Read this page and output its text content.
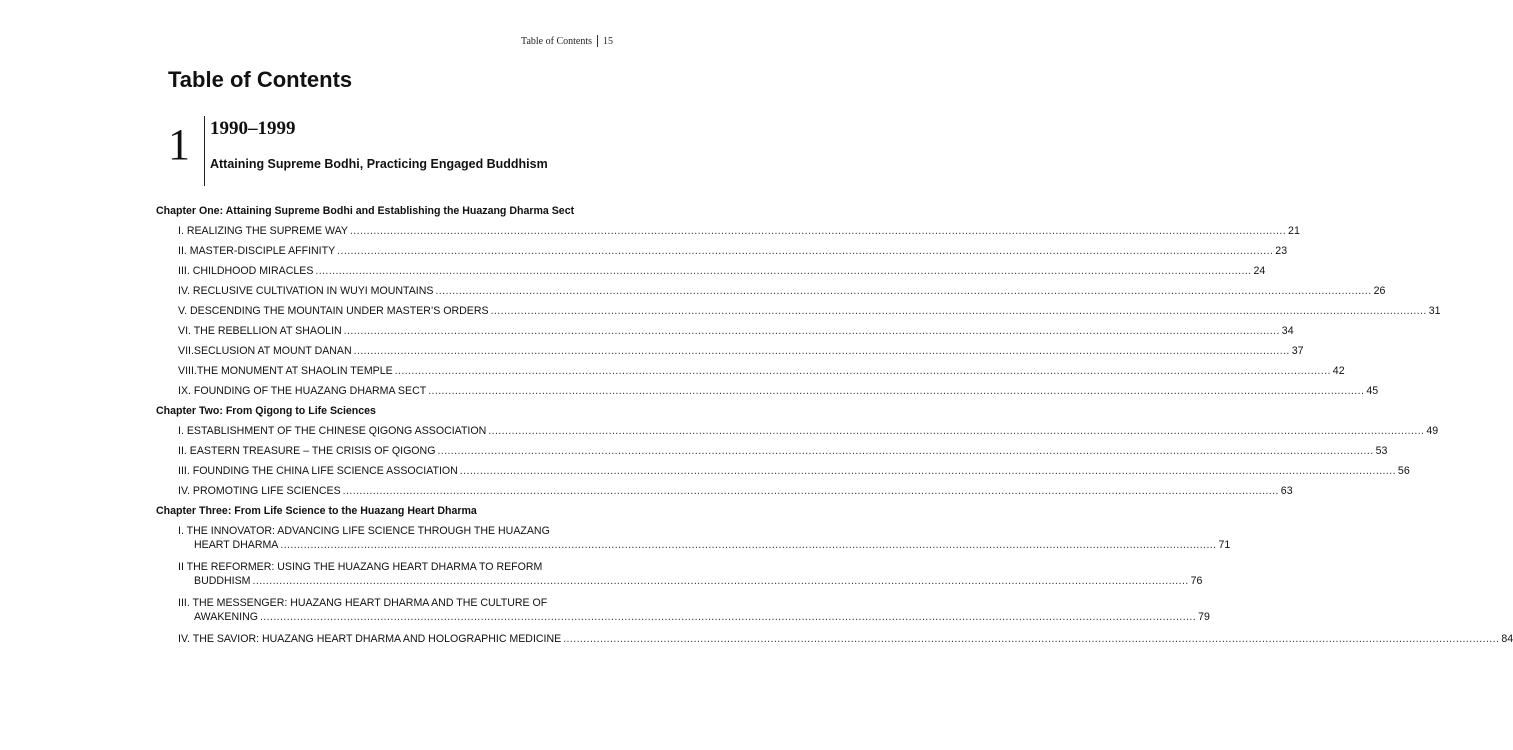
Table of Contents 15
Table of Contents
1 1990–1999
Attaining Supreme Bodhi, Practicing Engaged Buddhism
Chapter One: Attaining Supreme Bodhi and Establishing the Huazang Dharma Sect
I. REALIZING THE SUPREME WAY ........................................................................................................................................................................................................................................................................................ 21
II. MASTER-DISCIPLE AFFINITY ........................................................................................................................................................................................................................................................................................ 23
III. CHILDHOOD MIRACLES ........................................................................................................................................................................................................................................................................................ 24
IV. RECLUSIVE CULTIVATION IN WUYI MOUNTAINS ........................................................................................................................................................................................................................................................................................ 26
V. DESCENDING THE MOUNTAIN UNDER MASTER’S ORDERS ........................................................................................................................................................................................................................................................................................ 31
VI. THE REBELLION AT SHAOLIN ........................................................................................................................................................................................................................................................................................ 34
VII.SECLUSION AT MOUNT DANAN ........................................................................................................................................................................................................................................................................................ 37
VIII.THE MONUMENT AT SHAOLIN TEMPLE ........................................................................................................................................................................................................................................................................................ 42
IX. FOUNDING OF THE HUAZANG DHARMA SECT ........................................................................................................................................................................................................................................................................................ 45
Chapter Two: From Qigong to Life Sciences
I. ESTABLISHMENT OF THE CHINESE QIGONG ASSOCIATION ........................................................................................................................................................................................................................................................................................ 49
II. EASTERN TREASURE – THE CRISIS OF QIGONG ........................................................................................................................................................................................................................................................................................ 53
III. FOUNDING THE CHINA LIFE SCIENCE ASSOCIATION ........................................................................................................................................................................................................................................................................................ 56
IV. PROMOTING LIFE SCIENCES ........................................................................................................................................................................................................................................................................................ 63
Chapter Three: From Life Science to the Huazang Heart Dharma
I. THE INNOVATOR: ADVANCING LIFE SCIENCE THROUGH THE HUAZANG
HEART DHARMA ........................................................................................................................................................................................................................................................................................ 71
II THE REFORMER: USING THE HUAZANG HEART DHARMA TO REFORM
BUDDHISM ........................................................................................................................................................................................................................................................................................ 76
III. THE MESSENGER: HUAZANG HEART DHARMA AND THE CULTURE OF
AWAKENING ........................................................................................................................................................................................................................................................................................ 79
IV. THE SAVIOR: HUAZANG HEART DHARMA AND HOLOGRAPHIC MEDICINE ........................................................................................................................................................................................................................................................................................ 84
